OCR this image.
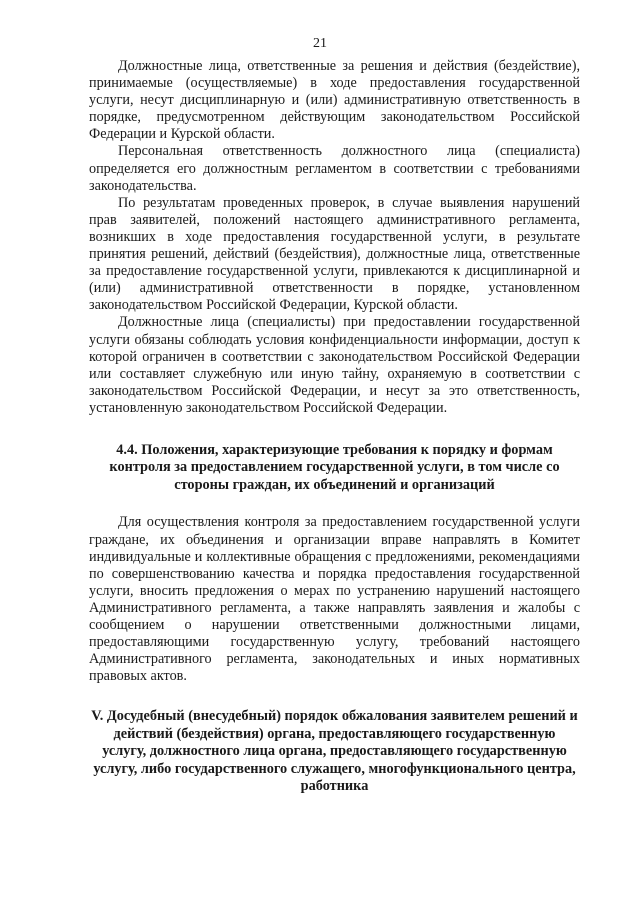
21

Должностные лица, ответственные за решения и действия (бездействие), принимаемые (осуществляемые) в ходе предоставления государственной услуги, несут дисциплинарную и (или) административную ответственность в порядке, предусмотренном действующим законодательством Российской Федерации и Курской области.

Персональная ответственность должностного лица (специалиста) определяется его должностным регламентом в соответствии с требованиями законодательства.

По результатам проведенных проверок, в случае выявления нарушений прав заявителей, положений настоящего административного регламента, возникших в ходе предоставления государственной услуги, в результате принятия решений, действий (бездействия), должностные лица, ответственные за предоставление государственной услуги, привлекаются к дисциплинарной и (или) административной ответственности в порядке, установленном законодательством Российской Федерации, Курской области.

Должностные лица (специалисты) при предоставлении государственной услуги обязаны соблюдать условия конфиденциальности информации, доступ к которой ограничен в соответствии с законодательством Российской Федерации или составляет служебную или иную тайну, охраняемую в соответствии с законодательством Российской Федерации, и несут за это ответственность, установленную законодательством Российской Федерации.

4.4. Положения, характеризующие требования к порядку и формам контроля за предоставлением государственной услуги, в том числе со стороны граждан, их объединений и организаций

Для осуществления контроля за предоставлением государственной услуги граждане, их объединения и организации вправе направлять в Комитет индивидуальные и коллективные обращения с предложениями, рекомендациями по совершенствованию качества и порядка предоставления государственной услуги, вносить предложения о мерах по устранению нарушений настоящего Административного регламента, а также направлять заявления и жалобы с сообщением о нарушении ответственными должностными лицами, предоставляющими государственную услугу, требований настоящего Административного регламента, законодательных и иных нормативных правовых актов.

V. Досудебный (внесудебный) порядок обжалования заявителем решений и действий (бездействия) органа, предоставляющего государственную услугу, должностного лица органа, предоставляющего государственную услугу, либо государственного служащего, многофункционального центра, работника
